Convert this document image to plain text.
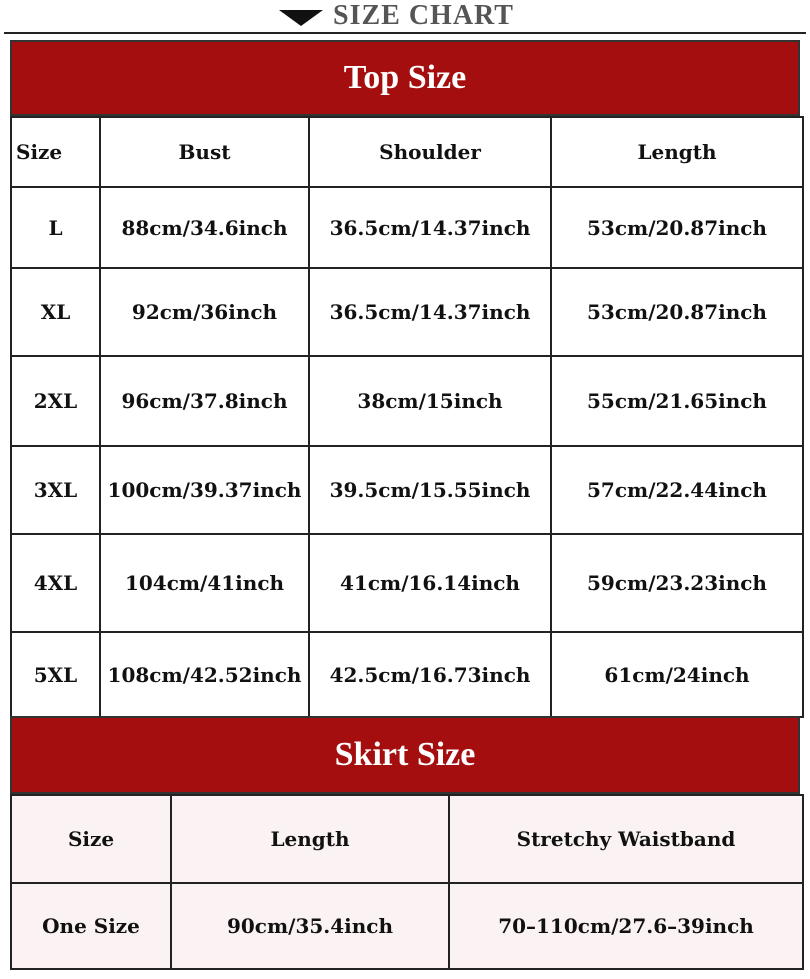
SIZE CHART
Top Size
Size	Bust	Shoulder	Length
L	88cm/34.6inch	36.5cm/14.37inch	53cm/20.87inch
XL	92cm/36inch	36.5cm/14.37inch	53cm/20.87inch
2XL	96cm/37.8inch	38cm/15inch	55cm/21.65inch
3XL	100cm/39.37inch	39.5cm/15.55inch	57cm/22.44inch
4XL	104cm/41inch	41cm/16.14inch	59cm/23.23inch
5XL	108cm/42.52inch	42.5cm/16.73inch	61cm/24inch
Skirt Size
Size	Length	Stretchy Waistband
One Size	90cm/35.4inch	70–110cm/27.6–39inch
